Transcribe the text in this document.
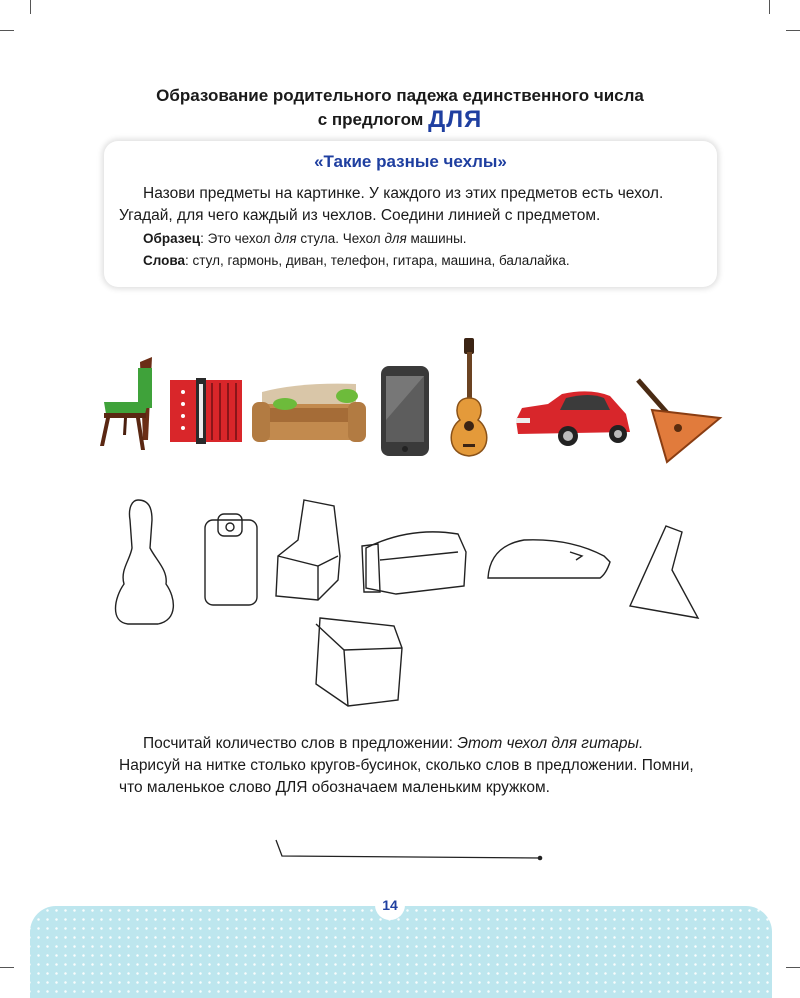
Образование родительного падежа единственного числа
с предлогом ДЛЯ
«Такие разные чехлы»
Назови предметы на картинке. У каждого из этих предметов есть чехол. Угадай, для чего каждый из чехлов. Соедини линией с предметом.
Образец: Это чехол для стула. Чехол для машины.
Слова: стул, гармонь, диван, телефон, гитара, машина, балалайка.
Посчитай количество слов в предложении: Этот чехол для гитары. Нарисуй на нитке столько кругов-бусинок, сколько слов в предложении. Помни, что маленькое слово ДЛЯ обозначаем маленьким кружком.
14
